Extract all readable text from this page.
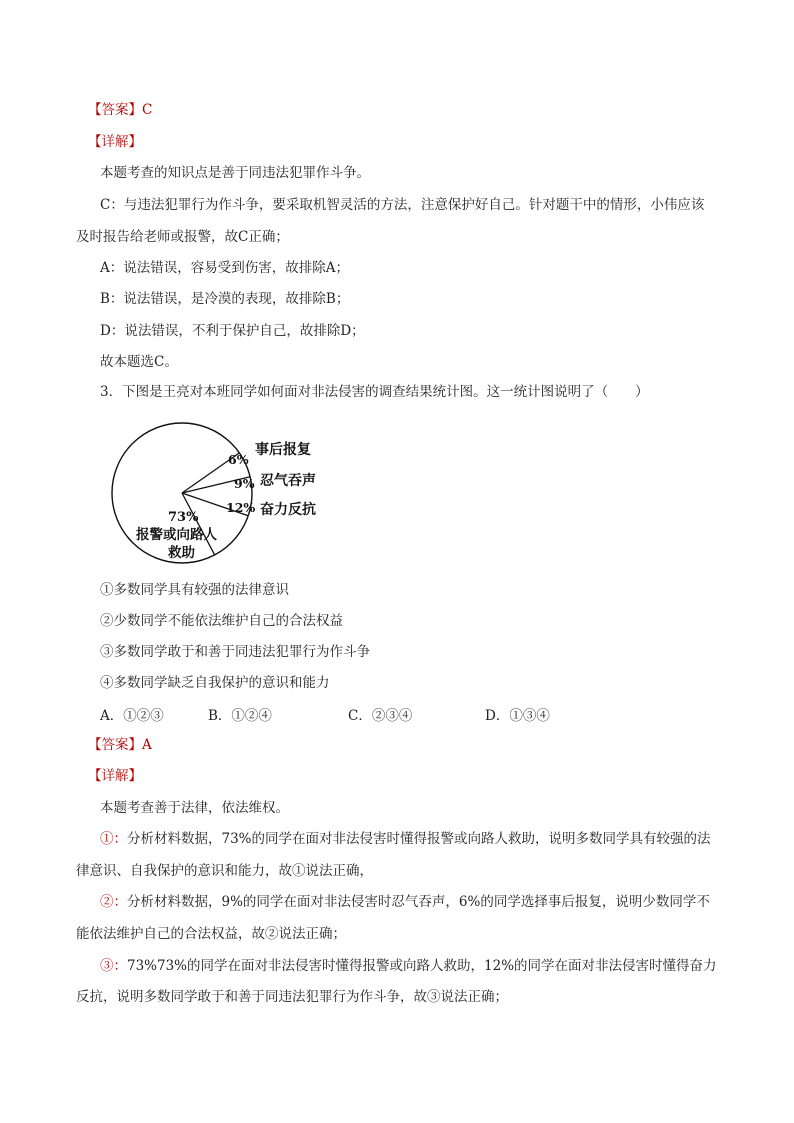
【答案】C
【详解】
本题考查的知识点是善于同违法犯罪作斗争。
C：与违法犯罪行为作斗争，要采取机智灵活的方法，注意保护好自己。针对题干中的情形，小伟应该
及时报告给老师或报警，故C正确；
A：说法错误，容易受到伤害，故排除A；
B：说法错误，是冷漠的表现，故排除B；
D：说法错误，不利于保护自己，故排除D；
故本题选C。
3．下图是王亮对本班同学如何面对非法侵害的调查结果统计图。这一统计图说明了（　　）
6%
事后报复
9% 忍气吞声
12% 奋力反抗
73%
报警或向路人
救助
①多数同学具有较强的法律意识
②少数同学不能依法维护自己的合法权益
③多数同学敢于和善于同违法犯罪行为作斗争
④多数同学缺乏自我保护的意识和能力
A．①②③	B．①②④	C．②③④	D．①③④
【答案】A
【详解】
本题考查善于法律，依法维权。
①：分析材料数据，73%的同学在面对非法侵害时懂得报警或向路人救助，说明多数同学具有较强的法
律意识、自我保护的意识和能力，故①说法正确，
②：分析材料数据，9%的同学在面对非法侵害时忍气吞声，6%的同学选择事后报复，说明少数同学不
能依法维护自己的合法权益，故②说法正确；
③：73%73%的同学在面对非法侵害时懂得报警或向路人救助，12%的同学在面对非法侵害时懂得奋力
反抗，说明多数同学敢于和善于同违法犯罪行为作斗争，故③说法正确；
